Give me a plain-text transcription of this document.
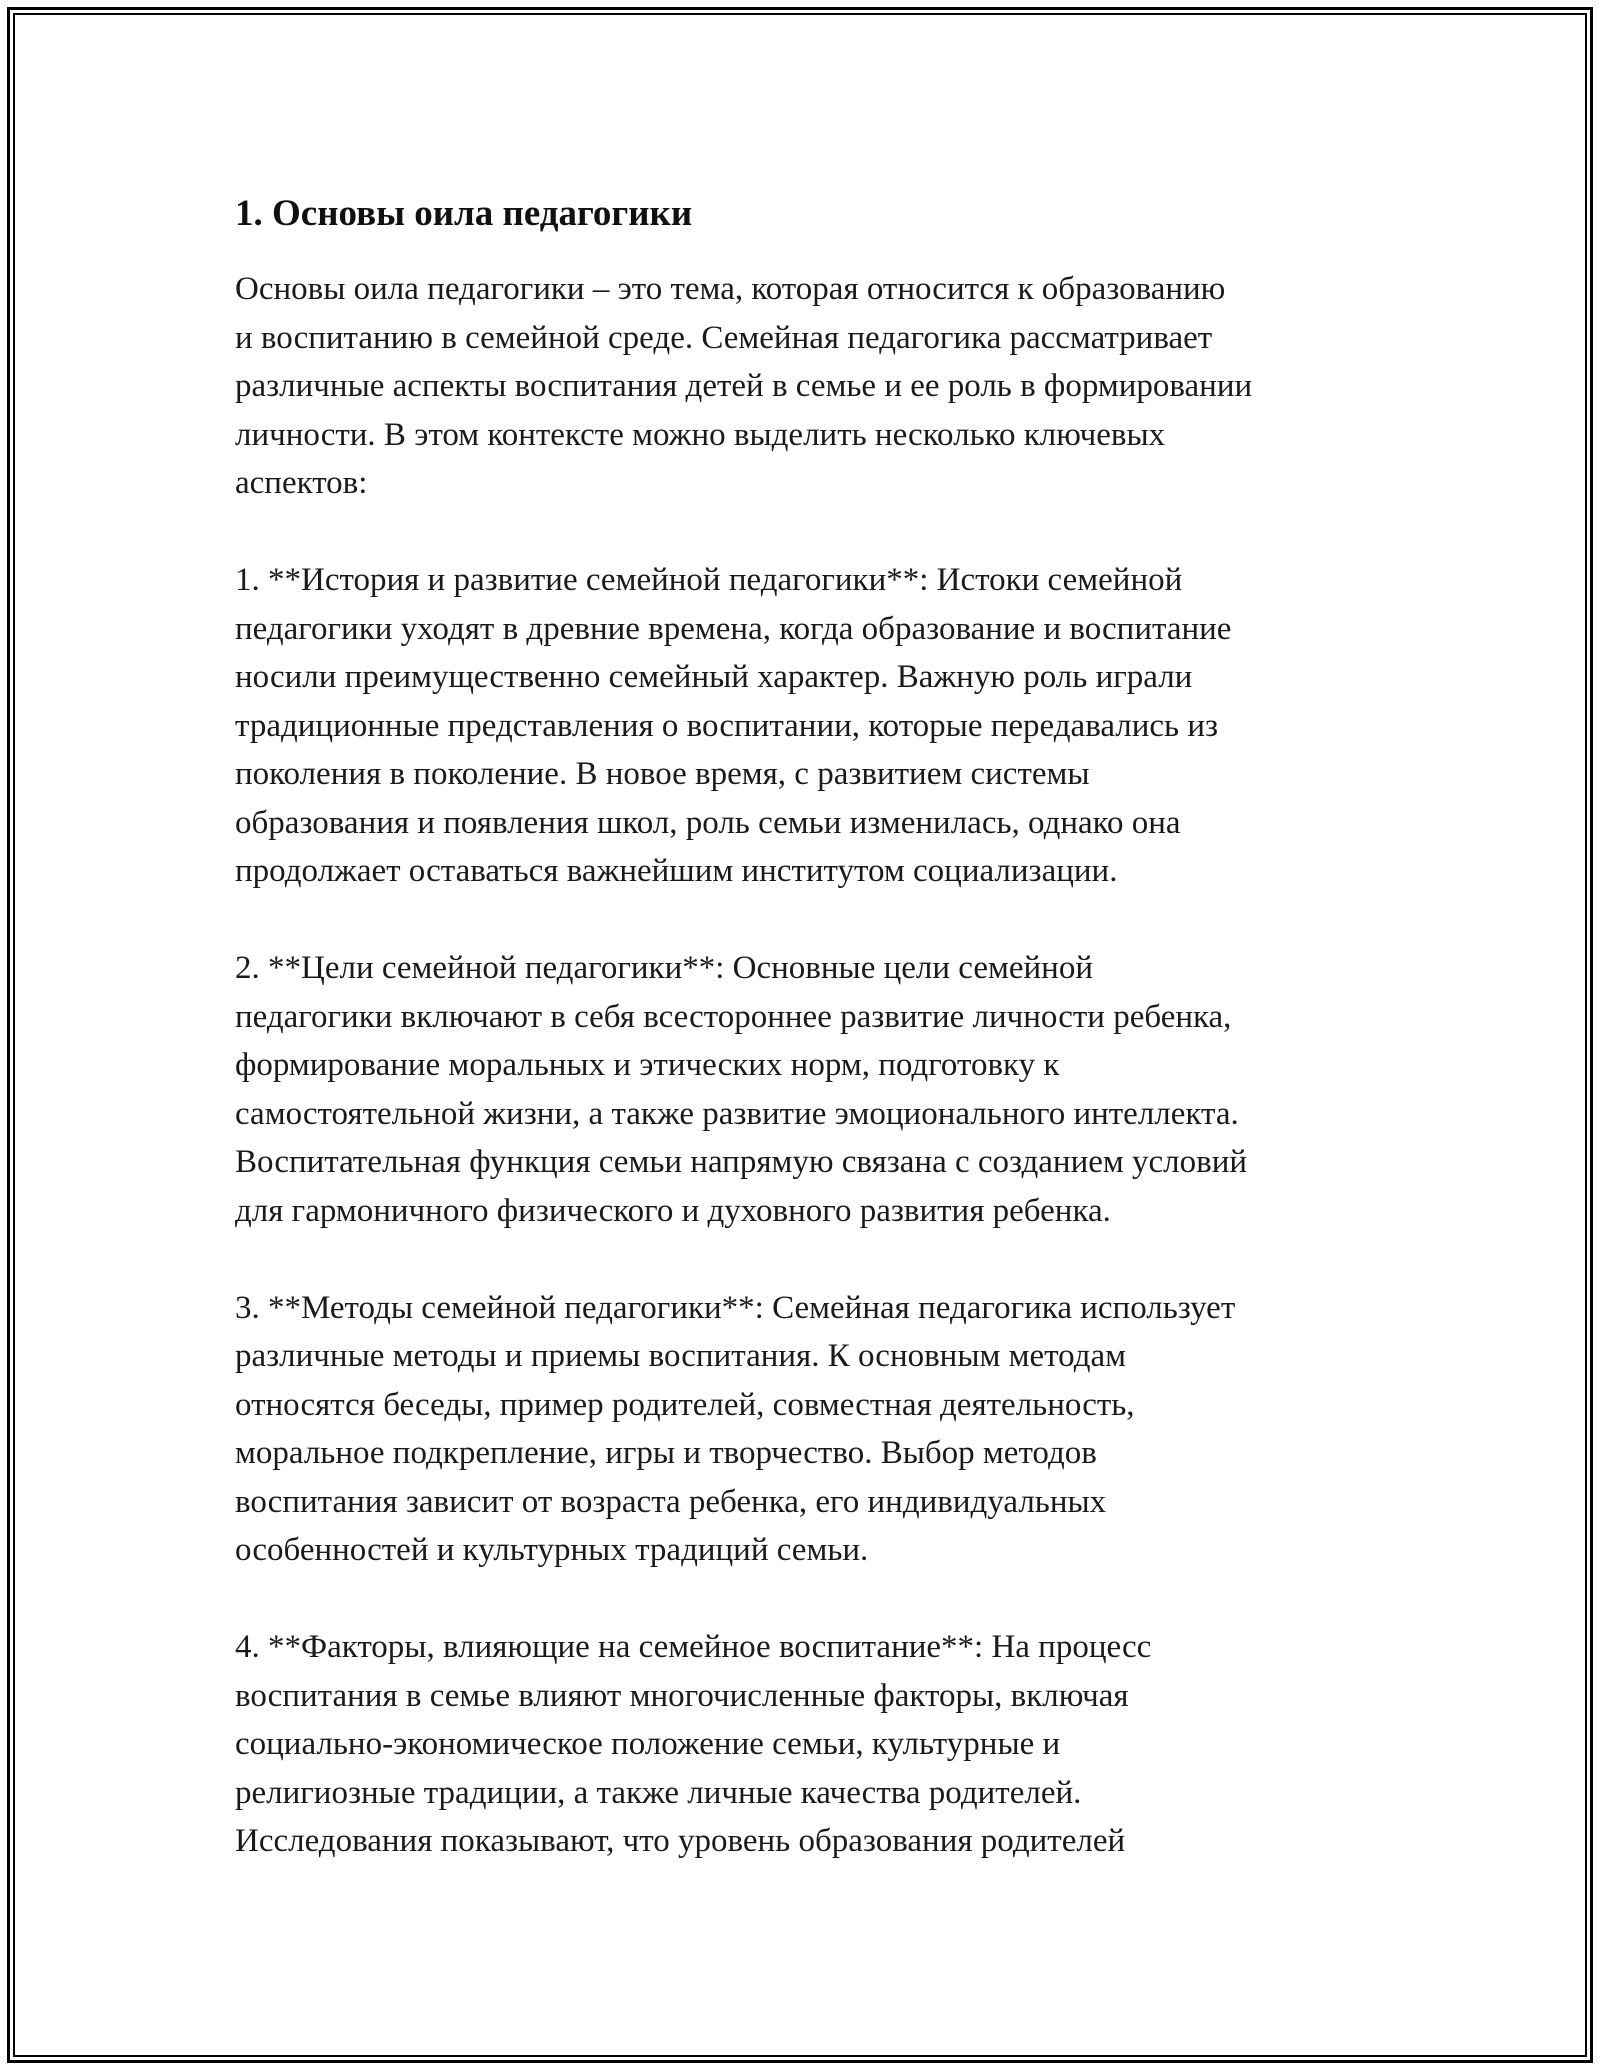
1. Основы оила педагогики
Основы оила педагогики – это тема, которая относится к образованию
и воспитанию в семейной среде. Семейная педагогика рассматривает
различные аспекты воспитания детей в семье и ее роль в формировании
личности. В этом контексте можно выделить несколько ключевых
аспектов:
1. **История и развитие семейной педагогики**: Истоки семейной
педагогики уходят в древние времена, когда образование и воспитание
носили преимущественно семейный характер. Важную роль играли
традиционные представления о воспитании, которые передавались из
поколения в поколение. В новое время, с развитием системы
образования и появления школ, роль семьи изменилась, однако она
продолжает оставаться важнейшим институтом социализации.
2. **Цели семейной педагогики**: Основные цели семейной
педагогики включают в себя всестороннее развитие личности ребенка,
формирование моральных и этических норм, подготовку к
самостоятельной жизни, а также развитие эмоционального интеллекта.
Воспитательная функция семьи напрямую связана с созданием условий
для гармоничного физического и духовного развития ребенка.
3. **Методы семейной педагогики**: Семейная педагогика использует
различные методы и приемы воспитания. К основным методам
относятся беседы, пример родителей, совместная деятельность,
моральное подкрепление, игры и творчество. Выбор методов
воспитания зависит от возраста ребенка, его индивидуальных
особенностей и культурных традиций семьи.
4. **Факторы, влияющие на семейное воспитание**: На процесс
воспитания в семье влияют многочисленные факторы, включая
социально-экономическое положение семьи, культурные и
религиозные традиции, а также личные качества родителей.
Исследования показывают, что уровень образования родителей
